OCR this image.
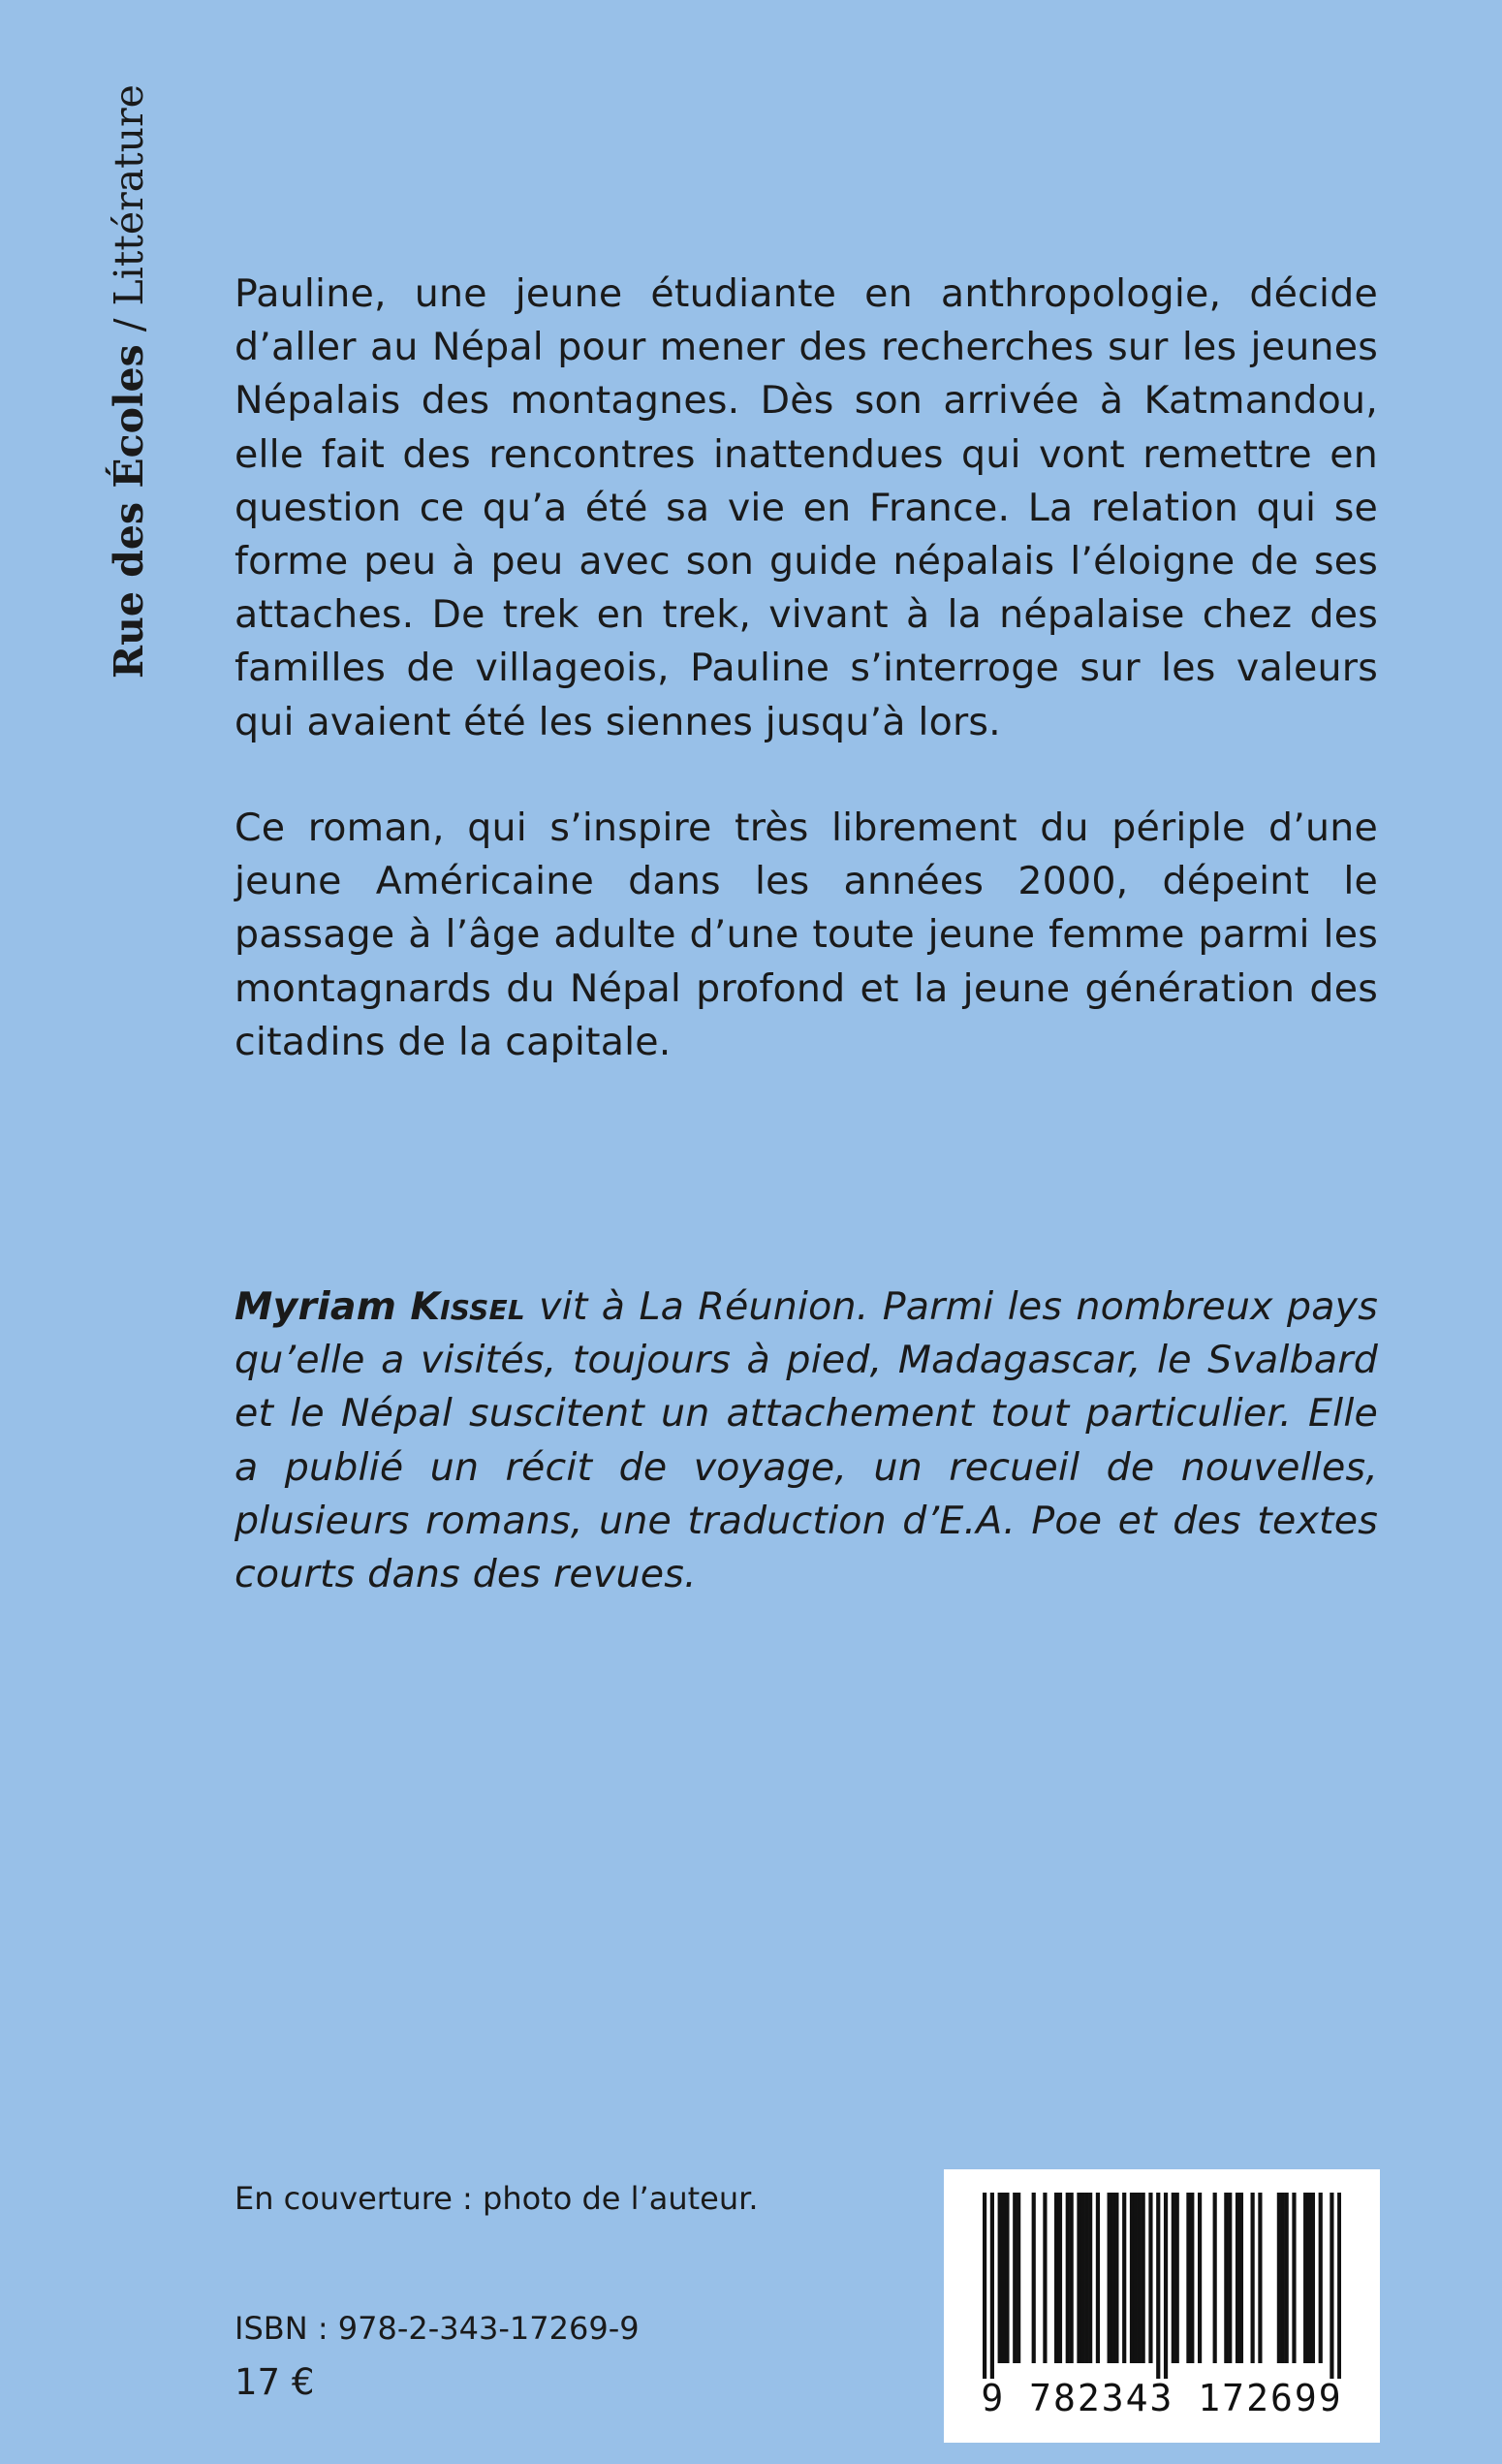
Rue des Écoles / Littérature Pauline, une jeune étudiante en anthropologie, décide d’aller au Népal pour mener des recherches sur les jeunes Népalais des montagnes. Dès son arrivée à Katmandou, elle fait des rencontres inattendues qui vont remettre en question ce qu’a été sa vie en France. La relation qui se forme peu à peu avec son guide népalais l’éloigne de ses attaches. De trek en trek, vivant à la népalaise chez des familles de villageois, Pauline s’interroge sur les valeurs qui avaient été les siennes jusqu’à lors.

Ce roman, qui s’inspire très librement du périple d’une jeune Américaine dans les années 2000, dépeint le passage à l’âge adulte d’une toute jeune femme parmi les montagnards du Népal profond et la jeune génération des citadins de la capitale.

Myriam Kissel vit à La Réunion. Parmi les nombreux pays qu’elle a visités, toujours à pied, Madagascar, le Svalbard et le Népal suscitent un attachement tout particulier. Elle a publié un récit de voyage, un recueil de nouvelles, plusieurs romans, une traduction d’E.A. Poe et des textes courts dans des revues.

En couverture : photo de l’auteur.
ISBN : 978-2-343-17269-9
17 €	9 782343 172699
